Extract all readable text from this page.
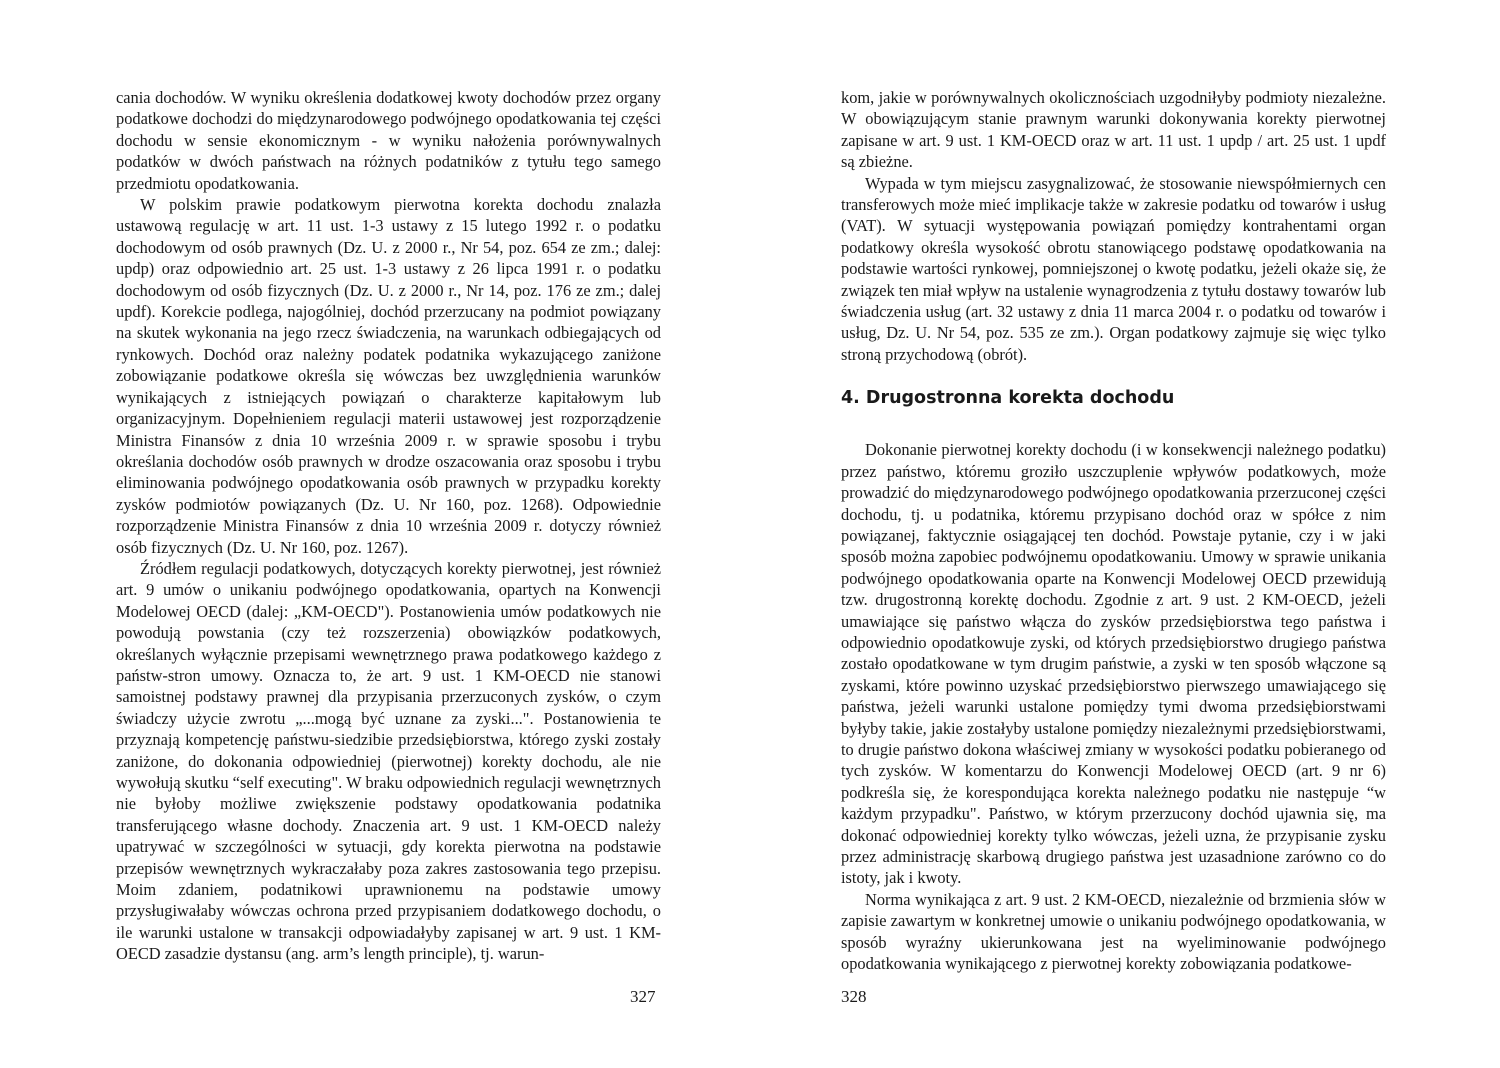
cania dochodów. W wyniku określenia dodatkowej kwoty dochodów przez organy podatkowe dochodzi do międzynarodowego podwójnego opodatkowania tej części dochodu w sensie ekonomicznym - w wyniku nałożenia porównywalnych podatków w dwóch państwach na różnych podatników z tytułu tego samego przedmiotu opodatkowania.

W polskim prawie podatkowym pierwotna korekta dochodu znalazła ustawową regulację w art. 11 ust. 1-3 ustawy z 15 lutego 1992 r. o podatku dochodowym od osób prawnych (Dz. U. z 2000 r., Nr 54, poz. 654 ze zm.; dalej: updp) oraz odpowiednio art. 25 ust. 1-3 ustawy z 26 lipca 1991 r. o podatku dochodowym od osób fizycznych (Dz. U. z 2000 r., Nr 14, poz. 176 ze zm.; dalej updf). Korekcie podlega, najogólniej, dochód przerzucany na podmiot powiązany na skutek wykonania na jego rzecz świadczenia, na warunkach odbiegających od rynkowych. Dochód oraz należny podatek podatnika wykazującego zaniżone zobowiązanie podatkowe określa się wówczas bez uwzględnienia warunków wynikających z istniejących powiązań o charakterze kapitałowym lub organizacyjnym. Dopełnieniem regulacji materii ustawowej jest rozporządzenie Ministra Finansów z dnia 10 września 2009 r. w sprawie sposobu i trybu określania dochodów osób prawnych w drodze oszacowania oraz sposobu i trybu eliminowania podwójnego opodatkowania osób prawnych w przypadku korekty zysków podmiotów powiązanych (Dz. U. Nr 160, poz. 1268). Odpowiednie rozporządzenie Ministra Finansów z dnia 10 września 2009 r. dotyczy również osób fizycznych (Dz. U. Nr 160, poz. 1267).

Źródłem regulacji podatkowych, dotyczących korekty pierwotnej, jest również art. 9 umów o unikaniu podwójnego opodatkowania, opartych na Konwencji Modelowej OECD (dalej: „KM-OECD"). Postanowienia umów podatkowych nie powodują powstania (czy też rozszerzenia) obowiązków podatkowych, określanych wyłącznie przepisami wewnętrznego prawa podatkowego każdego z państw-stron umowy. Oznacza to, że art. 9 ust. 1 KM-OECD nie stanowi samoistnej podstawy prawnej dla przypisania przerzuconych zysków, o czym świadczy użycie zwrotu „...mogą być uznane za zyski...". Postanowienia te przyznają kompetencję państwu-siedzibie przedsiębiorstwa, którego zyski zostały zaniżone, do dokonania odpowiedniej (pierwotnej) korekty dochodu, ale nie wywołują skutku “self executing". W braku odpowiednich regulacji wewnętrznych nie byłoby możliwe zwiększenie podstawy opodatkowania podatnika transferującego własne dochody. Znaczenia art. 9 ust. 1 KM-OECD należy upatrywać w szczególności w sytuacji, gdy korekta pierwotna na podstawie przepisów wewnętrznych wykraczałaby poza zakres zastosowania tego przepisu. Moim zdaniem, podatnikowi uprawnionemu na podstawie umowy przysługiwałaby wówczas ochrona przed przypisaniem dodatkowego dochodu, o ile warunki ustalone w transakcji odpowiadałyby zapisanej w art. 9 ust. 1 KM-OECD zasadzie dystansu (ang. arm’s length principle), tj. warun-

327

kom, jakie w porównywalnych okolicznościach uzgodniłyby podmioty niezależne. W obowiązującym stanie prawnym warunki dokonywania korekty pierwotnej zapisane w art. 9 ust. 1 KM-OECD oraz w art. 11 ust. 1 updp / art. 25 ust. 1 updf są zbieżne.

Wypada w tym miejscu zasygnalizować, że stosowanie niewspółmiernych cen transferowych może mieć implikacje także w zakresie podatku od towarów i usług (VAT). W sytuacji występowania powiązań pomiędzy kontrahentami organ podatkowy określa wysokość obrotu stanowiącego podstawę opodatkowania na podstawie wartości rynkowej, pomniejszonej o kwotę podatku, jeżeli okaże się, że związek ten miał wpływ na ustalenie wynagrodzenia z tytułu dostawy towarów lub świadczenia usług (art. 32 ustawy z dnia 11 marca 2004 r. o podatku od towarów i usług, Dz. U. Nr 54, poz. 535 ze zm.). Organ podatkowy zajmuje się więc tylko stroną przychodową (obrót).

4. Drugostronna korekta dochodu

Dokonanie pierwotnej korekty dochodu (i w konsekwencji należnego podatku) przez państwo, któremu groziło uszczuplenie wpływów podatkowych, może prowadzić do międzynarodowego podwójnego opodatkowania przerzuconej części dochodu, tj. u podatnika, któremu przypisano dochód oraz w spółce z nim powiązanej, faktycznie osiągającej ten dochód. Powstaje pytanie, czy i w jaki sposób można zapobiec podwójnemu opodatkowaniu. Umowy w sprawie unikania podwójnego opodatkowania oparte na Konwencji Modelowej OECD przewidują tzw. drugostronną korektę dochodu. Zgodnie z art. 9 ust. 2 KM-OECD, jeżeli umawiające się państwo włącza do zysków przedsiębiorstwa tego państwa i odpowiednio opodatkowuje zyski, od których przedsiębiorstwo drugiego państwa zostało opodatkowane w tym drugim państwie, a zyski w ten sposób włączone są zyskami, które powinno uzyskać przedsiębiorstwo pierwszego umawiającego się państwa, jeżeli warunki ustalone pomiędzy tymi dwoma przedsiębiorstwami byłyby takie, jakie zostałyby ustalone pomiędzy niezależnymi przedsiębiorstwami, to drugie państwo dokona właściwej zmiany w wysokości podatku pobieranego od tych zysków. W komentarzu do Konwencji Modelowej OECD (art. 9 nr 6) podkreśla się, że korespondująca korekta należnego podatku nie następuje “w każdym przypadku". Państwo, w którym przerzucony dochód ujawnia się, ma dokonać odpowiedniej korekty tylko wówczas, jeżeli uzna, że przypisanie zysku przez administrację skarbową drugiego państwa jest uzasadnione zarówno co do istoty, jak i kwoty.

Norma wynikająca z art. 9 ust. 2 KM-OECD, niezależnie od brzmienia słów w zapisie zawartym w konkretnej umowie o unikaniu podwójnego opodatkowania, w sposób wyraźny ukierunkowana jest na wyeliminowanie podwójnego opodatkowania wynikającego z pierwotnej korekty zobowiązania podatkowe-

328
